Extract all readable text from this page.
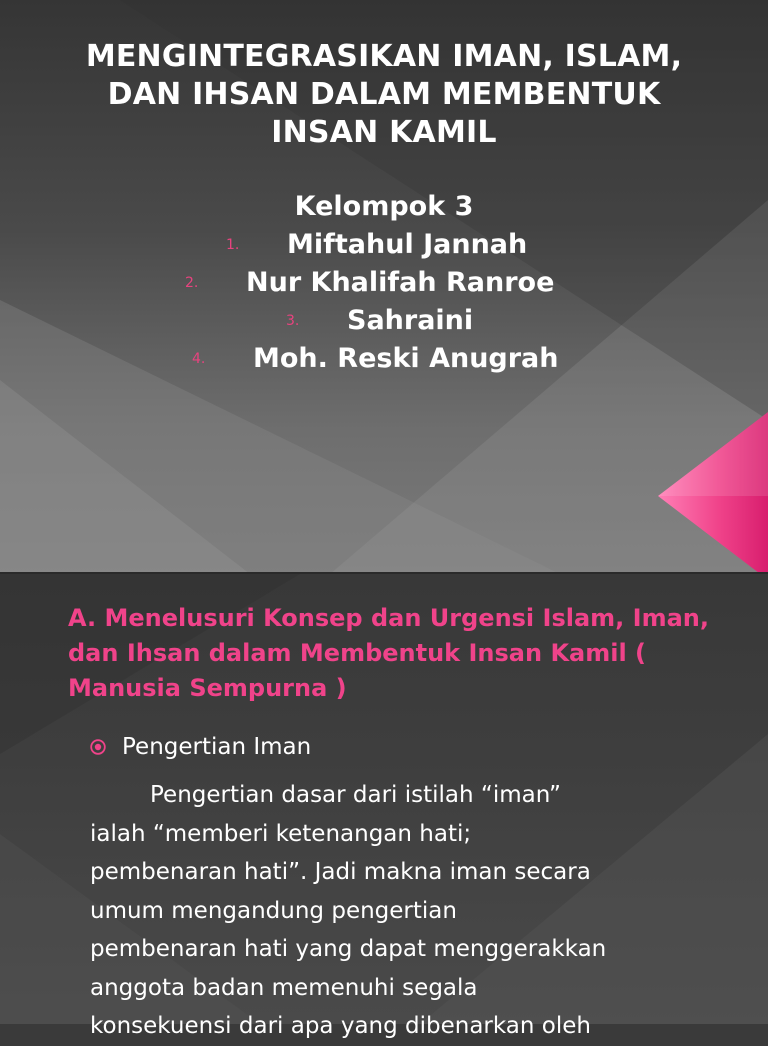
MENGINTEGRASIKAN IMAN, ISLAM,
DAN IHSAN DALAM MEMBENTUK
INSAN KAMIL
Kelompok 3
1. Miftahul Jannah
2. Nur Khalifah Ranroe
3. Sahraini
4. Moh. Reski Anugrah
A. Menelusuri Konsep dan Urgensi Islam, Iman,
dan Ihsan dalam Membentuk Insan Kamil (
Manusia Sempurna )
Pengertian Iman

Pengertian dasar dari istilah “iman”
ialah “memberi ketenangan hati;
pembenaran hati”. Jadi makna iman secara
umum mengandung pengertian
pembenaran hati yang dapat menggerakkan
anggota badan memenuhi segala
konsekuensi dari apa yang dibenarkan oleh
